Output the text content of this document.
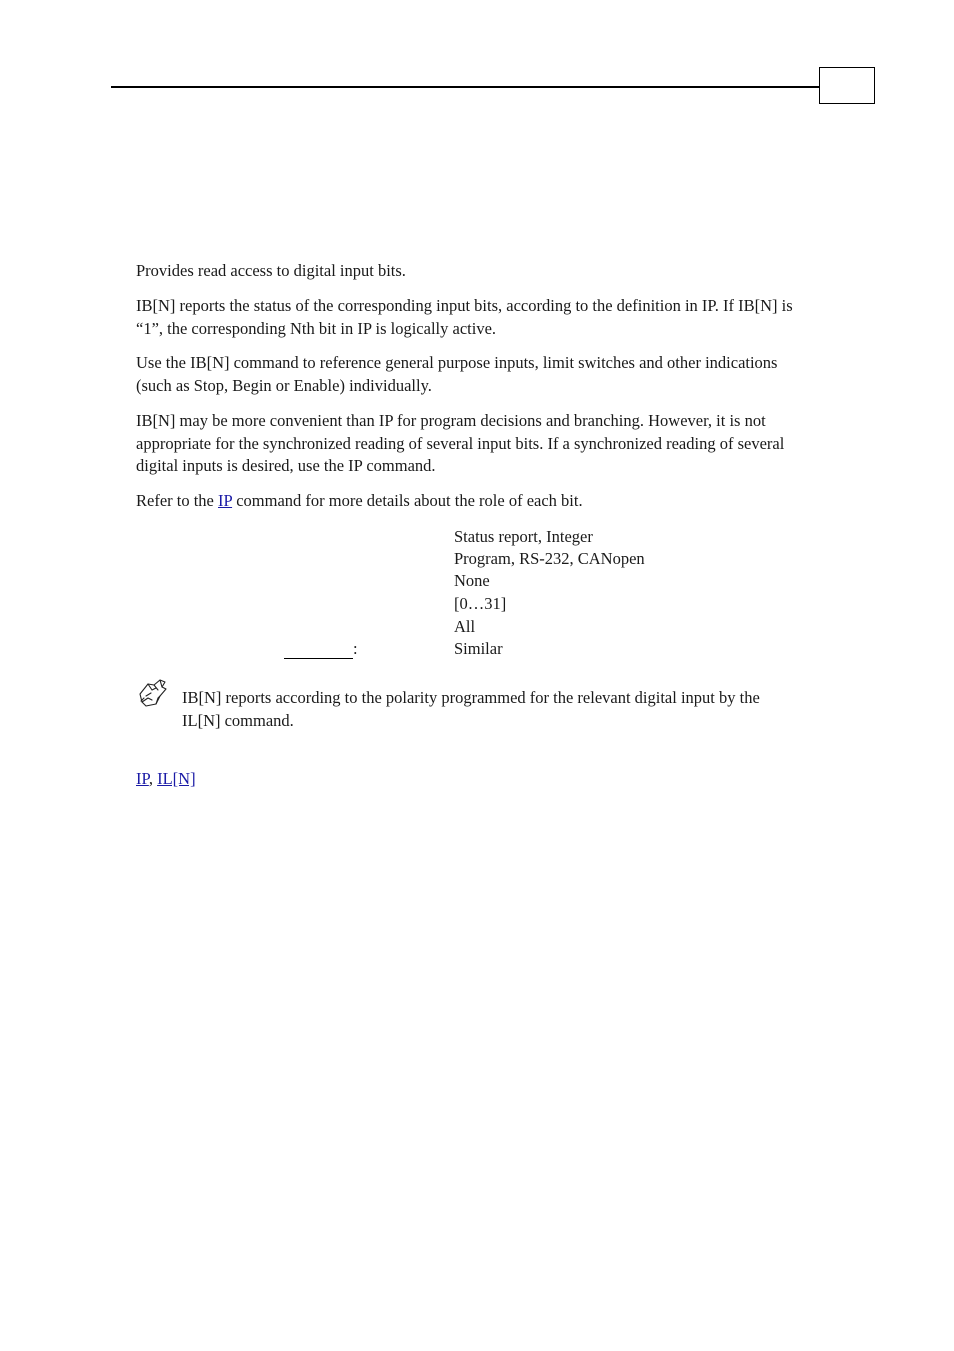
Provides read access to digital input bits.

IB[N] reports the status of the corresponding input bits, according to the definition in IP. If IB[N] is “1”, the corresponding Nth bit in IP is logically active.

Use the IB[N] command to reference general purpose inputs, limit switches and other indications (such as Stop, Begin or Enable) individually.

IB[N] may be more convenient than IP for program decisions and branching. However, it is not appropriate for the synchronized reading of several input bits. If a synchronized reading of several digital inputs is desired, use the IP command.

Refer to the IP command for more details about the role of each bit.

Status report, Integer
Program, RS-232, CANopen
None
[0…31]
All
:	Similar

IB[N] reports according to the polarity programmed for the relevant digital input by the IL[N] command.

IP, IL[N]
